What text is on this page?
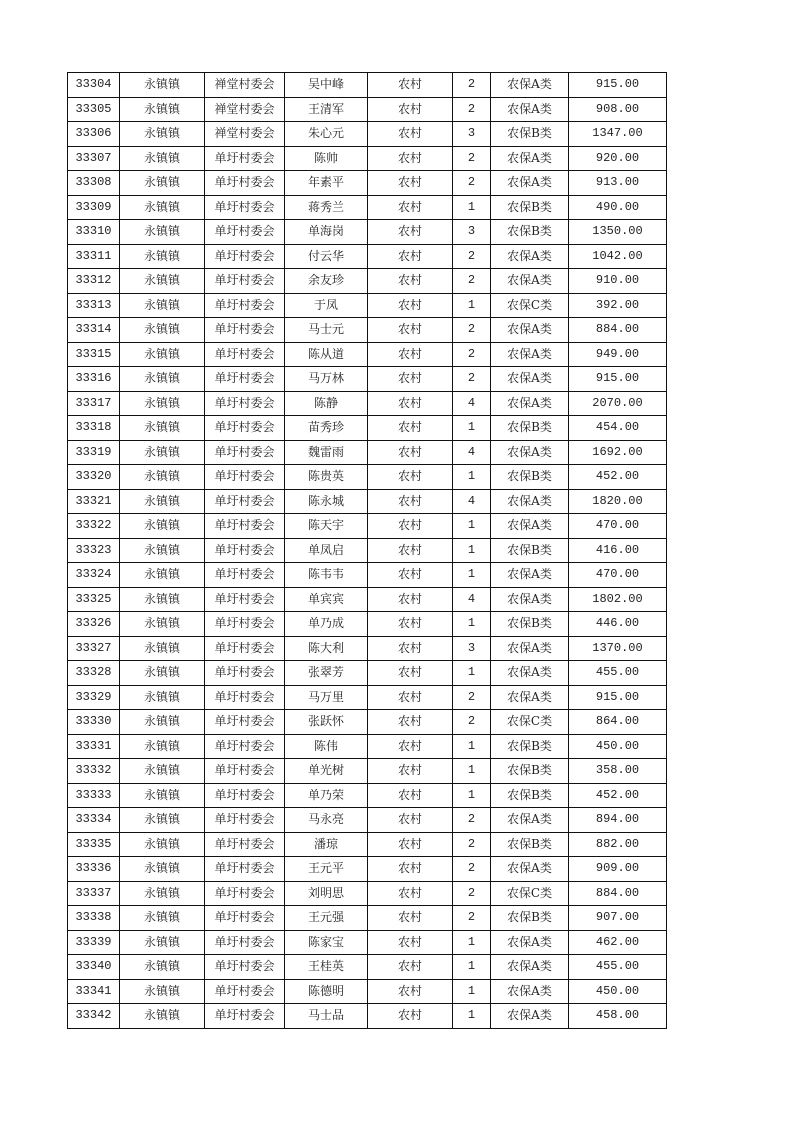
33304	永镇镇	禅堂村委会	吴中峰	农村	2	农保A类	915.00
33305	永镇镇	禅堂村委会	王清军	农村	2	农保A类	908.00
33306	永镇镇	禅堂村委会	朱心元	农村	3	农保B类	1347.00
33307	永镇镇	单圩村委会	陈帅	农村	2	农保A类	920.00
33308	永镇镇	单圩村委会	年素平	农村	2	农保A类	913.00
33309	永镇镇	单圩村委会	蒋秀兰	农村	1	农保B类	490.00
33310	永镇镇	单圩村委会	单海岗	农村	3	农保B类	1350.00
33311	永镇镇	单圩村委会	付云华	农村	2	农保A类	1042.00
33312	永镇镇	单圩村委会	余友珍	农村	2	农保A类	910.00
33313	永镇镇	单圩村委会	于凤	农村	1	农保C类	392.00
33314	永镇镇	单圩村委会	马士元	农村	2	农保A类	884.00
33315	永镇镇	单圩村委会	陈从道	农村	2	农保A类	949.00
33316	永镇镇	单圩村委会	马万林	农村	2	农保A类	915.00
33317	永镇镇	单圩村委会	陈静	农村	4	农保A类	2070.00
33318	永镇镇	单圩村委会	苗秀珍	农村	1	农保B类	454.00
33319	永镇镇	单圩村委会	魏雷雨	农村	4	农保A类	1692.00
33320	永镇镇	单圩村委会	陈贵英	农村	1	农保B类	452.00
33321	永镇镇	单圩村委会	陈永城	农村	4	农保A类	1820.00
33322	永镇镇	单圩村委会	陈天宇	农村	1	农保A类	470.00
33323	永镇镇	单圩村委会	单凤启	农村	1	农保B类	416.00
33324	永镇镇	单圩村委会	陈韦韦	农村	1	农保A类	470.00
33325	永镇镇	单圩村委会	单宾宾	农村	4	农保A类	1802.00
33326	永镇镇	单圩村委会	单乃成	农村	1	农保B类	446.00
33327	永镇镇	单圩村委会	陈大利	农村	3	农保A类	1370.00
33328	永镇镇	单圩村委会	张翠芳	农村	1	农保A类	455.00
33329	永镇镇	单圩村委会	马万里	农村	2	农保A类	915.00
33330	永镇镇	单圩村委会	张跃怀	农村	2	农保C类	864.00
33331	永镇镇	单圩村委会	陈伟	农村	1	农保B类	450.00
33332	永镇镇	单圩村委会	单光树	农村	1	农保B类	358.00
33333	永镇镇	单圩村委会	单乃荣	农村	1	农保B类	452.00
33334	永镇镇	单圩村委会	马永亮	农村	2	农保A类	894.00
33335	永镇镇	单圩村委会	潘琼	农村	2	农保B类	882.00
33336	永镇镇	单圩村委会	王元平	农村	2	农保A类	909.00
33337	永镇镇	单圩村委会	刘明思	农村	2	农保C类	884.00
33338	永镇镇	单圩村委会	王元强	农村	2	农保B类	907.00
33339	永镇镇	单圩村委会	陈家宝	农村	1	农保A类	462.00
33340	永镇镇	单圩村委会	王桂英	农村	1	农保A类	455.00
33341	永镇镇	单圩村委会	陈德明	农村	1	农保A类	450.00
33342	永镇镇	单圩村委会	马士品	农村	1	农保A类	458.00
